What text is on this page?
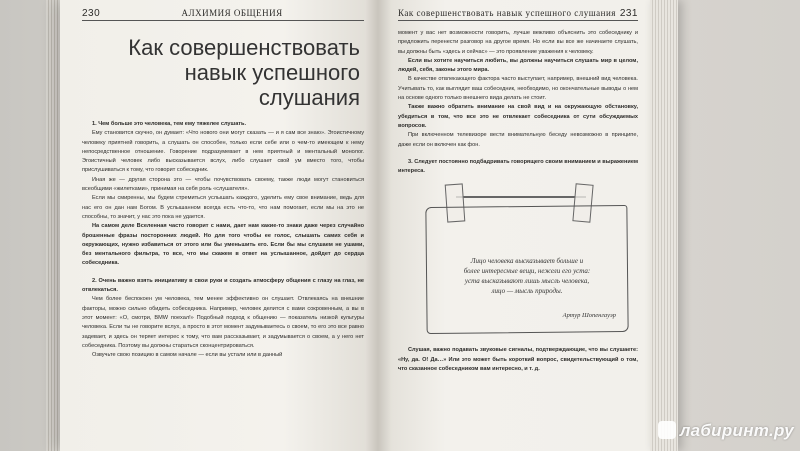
230	АЛХИМИЯ ОБЩЕНИЯ
Как совершенствовать
навык успешного слушания

1. Чем больше это человека, тем ему тяжелее слушать.

Ему становится скучно, он думает: «Что нового они могут сказать — и я сам все знаю». Эгоистичному человеку приятней говорить, а слушать он способен, только если себе или о чем-то имеющем к нему непосредственное отношение. Говорение подразумевает в нем приятный и ментальный монолог. Эгоистичный человек либо высказывается вслух, либо слушает свой ум вместо того, чтобы прислушиваться к тому, что говорит собеседник.

Иная же — другая сторона это — чтобы почувствовать своему, также люди могут становиться всеобщими «жилетками», принимая на себя роль «слушателя».

Если мы смиренны, мы будем стремиться услышать каждого, уделить ему свое внимание, ведь для нас его он дан нам Богом. В услышанном всегда есть что-то, что нам помогает, если мы на это не способны, то значит, у нас это пока не удается.

На самом деле Вселенная часто говорит с нами, дает нам какие-то знаки даже через случайно брошенные фразы посторонних людей. Но для того чтобы ее голос, слышать самих себя и окружающих, нужно избавиться от этого или бы уменьшить его. Если бы мы слушаем не ушами, без ментального фильтра, то все, что мы скажем в ответ на услышанное, дойдет до сердца собеседника.

2. Очень важно взять инициативу в свои руки и создать атмосферу общения с глазу на глаз, не отвлекаться.

Чем более беспокоен ум человека, тем менее эффективно он слушает. Отвлекаясь на внешние факторы, можно сильно обидеть собеседника. Например, человек делится с вами сокровенным, а вы в этот момент: «О, смотри, BMW поехал!» Подобный подход к общению — показатель низкой культуры человека. Если ты не говорите вслух, а просто в этот момент задумываетесь о своем, то его это все равно задевает, и здесь он теряет интерес к тому, что вам рассказывает, и задумывается о своем, а у него нет собеседника. Поэтому вы должны стараться сконцентрироваться.

Озвучьте свою позицию в самом начале — если вы устали или в данный

Как совершенствовать навык успешного слушания 231

момент у вас нет возможности говорить, лучше вежливо объяснить это собеседнику и предложить перенести разговор на другое время. Но если вы все же начинаете слушать, вы должны быть «здесь и сейчас» — это проявление уважения к человеку.

Если вы хотите научиться любить, вы должны научиться слушать мир в целом, людей, себя, законы этого мира.

В качестве отвлекающего фактора часто выступает, например, внешний вид человека. Учитывать то, как выглядит ваш собеседник, необходимо, но окончательные выводы о нем на основе одного только внешнего вида делать не стоит.

Также важно обратить внимание на свой вид и на окружающую обстановку, убедиться в том, что все это не отвлекает собеседника от сути обсуждаемых вопросов.

При включенном телевизоре вести внимательную беседу невозможно в принципе, даже если он включен как фон.

3. Следует постоянно подбадривать говорящего своим вниманием и выражением интереса.

Лицо человека высказывает больше и более интересные вещи, нежели его уста: уста высказывают лишь мысль человека, лицо — мысль природы.
Артур Шопенгауэр

Слушая, важно подавать звуковые сигналы, подтверждающие, что вы слушаете: «Ну, да. О! Да…» Или это может быть короткий вопрос, свидетельствующий о том, что сказанное собеседником вам интересно, и т. д.

лабиринт.ру
